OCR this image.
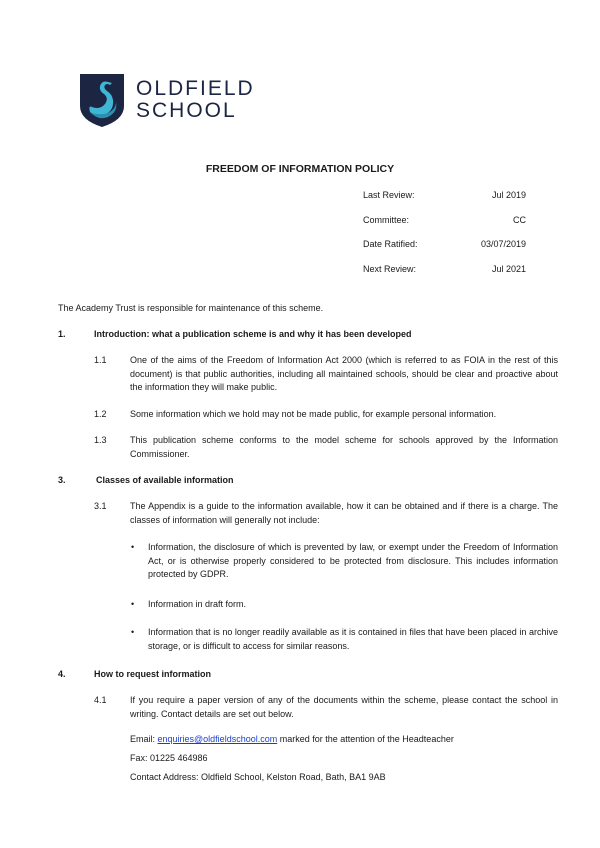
OLDFIELD
SCHOOL
FREEDOM OF INFORMATION POLICY
Last Review:	Jul 2019
Committee:	CC
Date Ratified:	03/07/2019
Next Review:	Jul 2021
The Academy Trust is responsible for maintenance of this scheme.
1.	Introduction: what a publication scheme is and why it has been developed
1.1	One of the aims of the Freedom of Information Act 2000 (which is referred to as FOIA in the rest of this document) is that public authorities, including all maintained schools, should be clear and proactive about the information they will make public.
1.2	Some information which we hold may not be made public, for example personal information.
1.3	This publication scheme conforms to the model scheme for schools approved by the Information Commissioner.
3.	Classes of available information
3.1	The Appendix is a guide to the information available, how it can be obtained and if there is a charge. The classes of information will generally not include:
• Information, the disclosure of which is prevented by law, or exempt under the Freedom of Information Act, or is otherwise properly considered to be protected from disclosure. This includes information protected by GDPR.
• Information in draft form.
• Information that is no longer readily available as it is contained in files that have been placed in archive storage, or is difficult to access for similar reasons.
4.	How to request information
4.1	If you require a paper version of any of the documents within the scheme, please contact the school in writing. Contact details are set out below.
Email: enquiries@oldfieldschool.com marked for the attention of the Headteacher
Fax: 01225 464986
Contact Address: Oldfield School, Kelston Road, Bath, BA1 9AB
